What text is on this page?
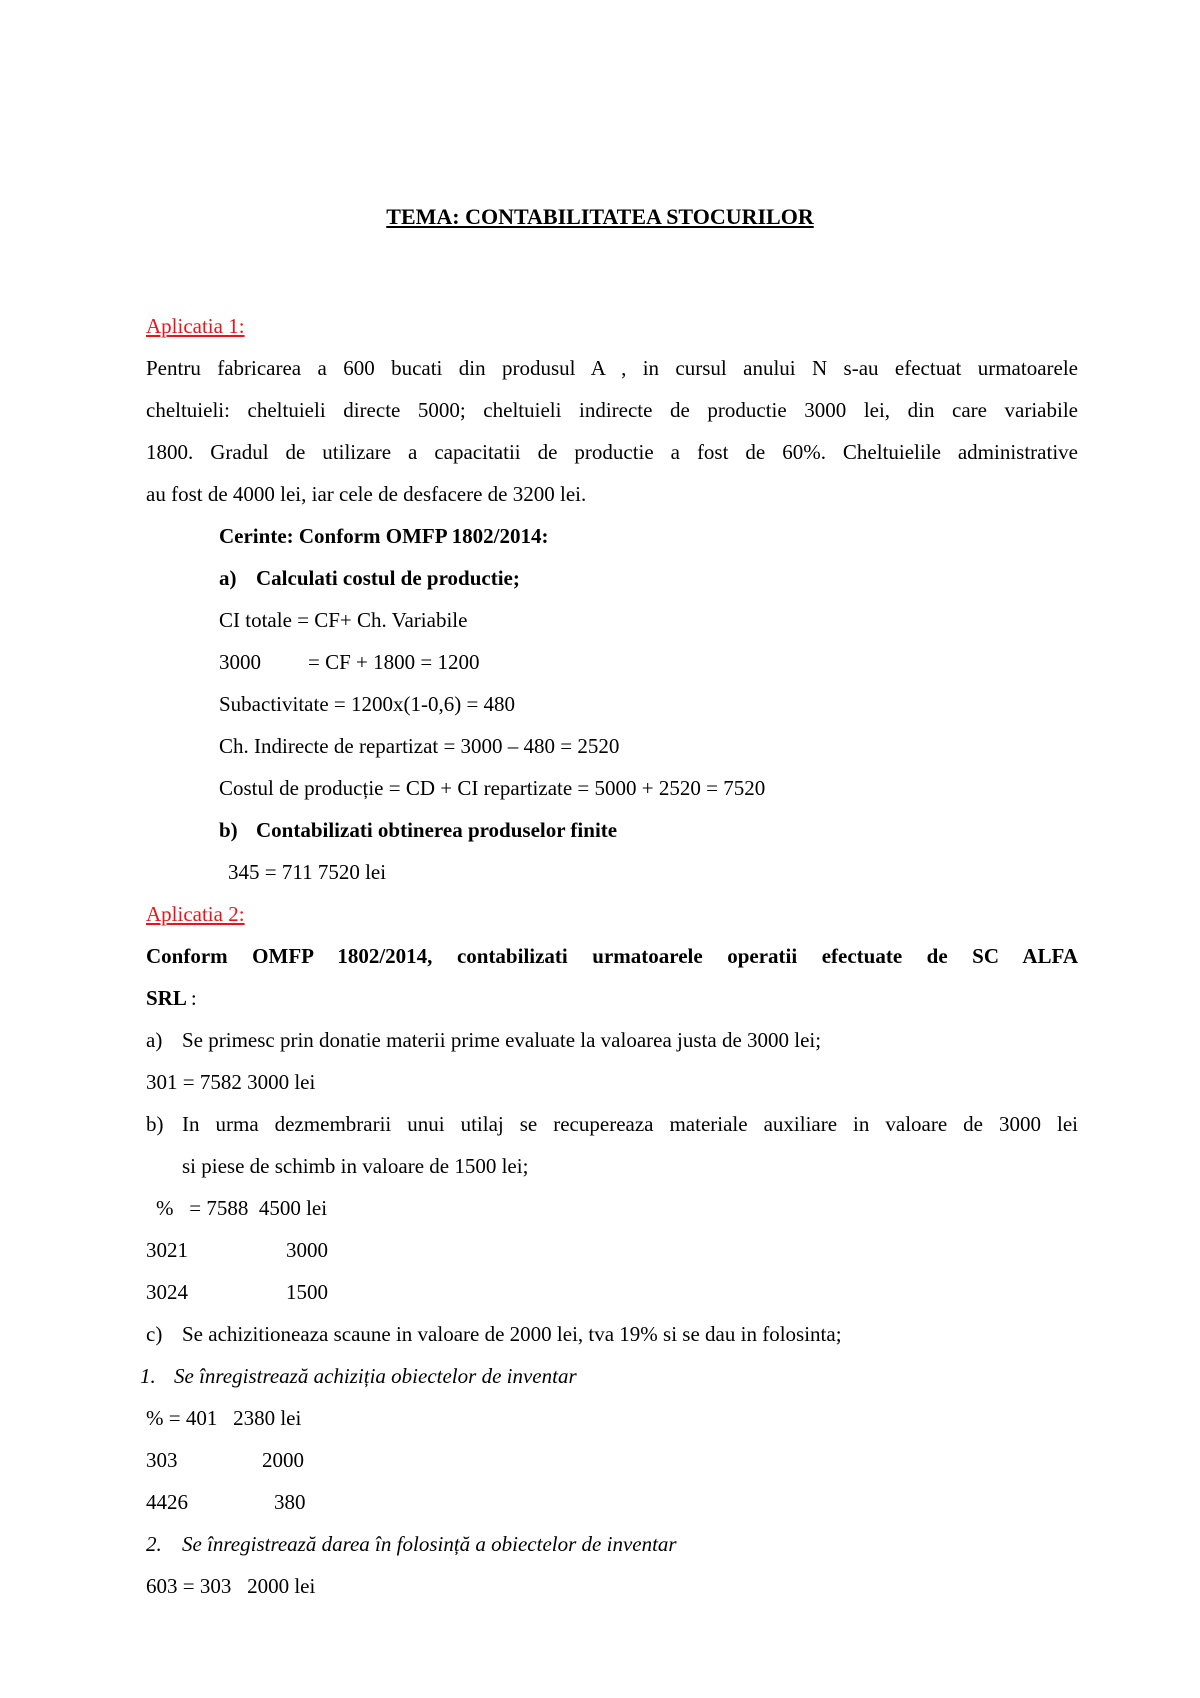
TEMA: CONTABILITATEA STOCURILOR
Aplicatia 1:
Pentru fabricarea a 600 bucati din produsul A , in cursul anului N s-au efectuat urmatoarele
cheltuieli: cheltuieli directe 5000; cheltuieli indirecte de productie 3000 lei, din care variabile
1800. Gradul de utilizare a capacitatii de productie a fost de 60%. Cheltuielile administrative
au fost de 4000 lei, iar cele de desfacere de 3200 lei.
Cerinte: Conform OMFP 1802/2014:
a) Calculati costul de productie;
CI totale = CF+ Ch. Variabile
3000 = CF + 1800 = 1200
Subactivitate = 1200x(1-0,6) = 480
Ch. Indirecte de repartizat = 3000 – 480 = 2520
Costul de producție = CD + CI repartizate = 5000 + 2520 = 7520
b) Contabilizati obtinerea produselor finite
345 = 711 7520 lei
Aplicatia 2:
Conform OMFP 1802/2014, contabilizati urmatoarele operatii efectuate de SC ALFA
SRL :
a) Se primesc prin donatie materii prime evaluate la valoarea justa de 3000 lei;
301 = 7582 3000 lei
b) In urma dezmembrarii unui utilaj se recupereaza materiale auxiliare in valoare de 3000 lei
si piese de schimb in valoare de 1500 lei;
%   = 7588  4500 lei
3021	3000
3024	1500
c) Se achizitioneaza scaune in valoare de 2000 lei, tva 19% si se dau in folosinta;
1. Se înregistrează achiziția obiectelor de inventar
% = 401   2380 lei
303	2000
4426	380
2. Se înregistrează darea în folosință a obiectelor de inventar
603 = 303   2000 lei
